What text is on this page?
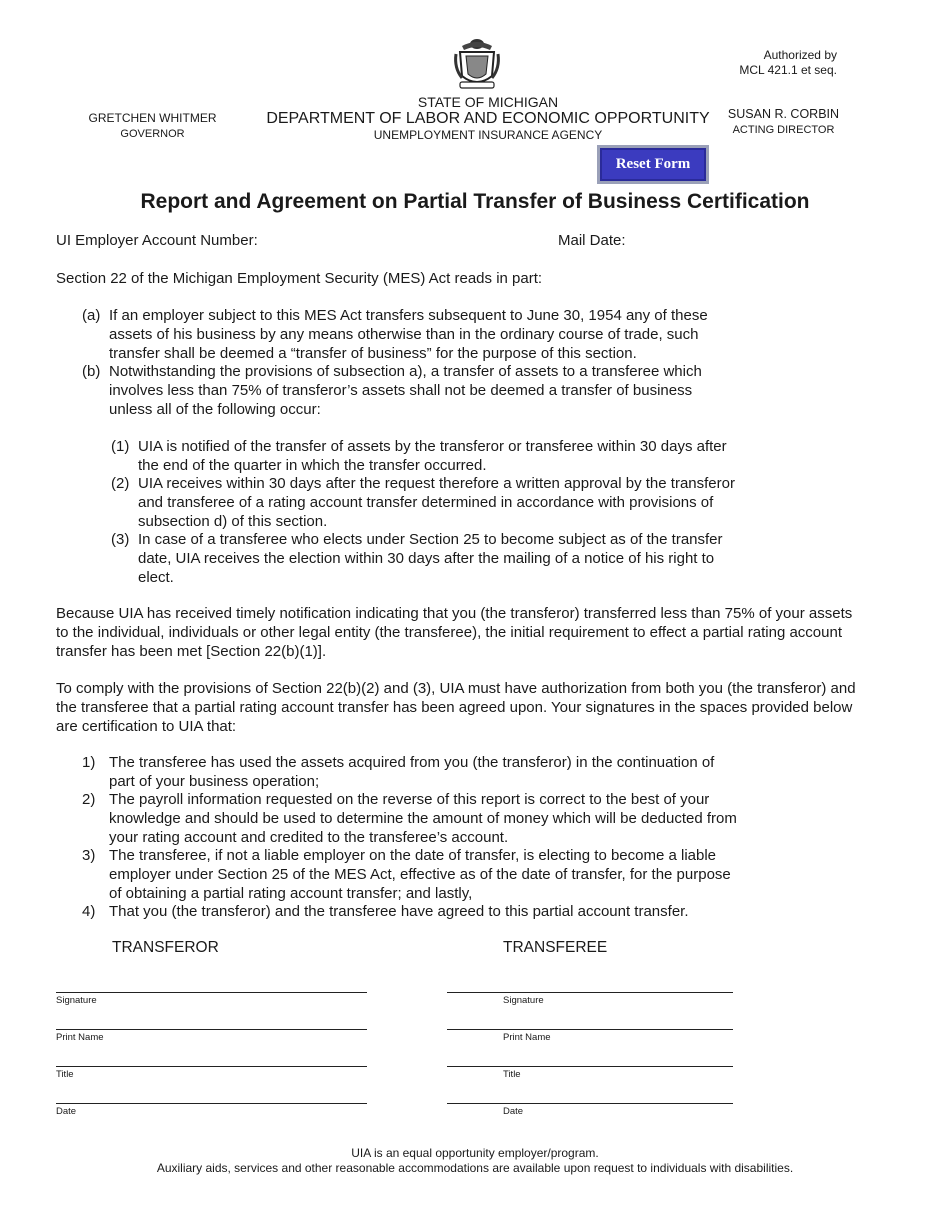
Authorized by
MCL 421.1 et seq.
GRETCHEN WHITMER
GOVERNOR
STATE OF MICHIGAN
DEPARTMENT OF LABOR AND ECONOMIC OPPORTUNITY
UNEMPLOYMENT INSURANCE AGENCY
SUSAN R. CORBIN
ACTING DIRECTOR
Reset Form
Report and Agreement on Partial Transfer of Business Certification
UI Employer Account Number:	Mail Date:
Section 22 of the Michigan Employment Security (MES) Act reads in part:
(a) If an employer subject to this MES Act transfers subsequent to June 30, 1954 any of these
assets of his business by any means otherwise than in the ordinary course of trade, such
transfer shall be deemed a “transfer of business” for the purpose of this section.
(b) Notwithstanding the provisions of subsection a), a transfer of assets to a transferee which
involves less than 75% of transferor’s assets shall not be deemed a transfer of business
unless all of the following occur:
(1) UIA is notified of the transfer of assets by the transferor or transferee within 30 days after
the end of the quarter in which the transfer occurred.
(2) UIA receives within 30 days after the request therefore a written approval by the transferor
and transferee of a rating account transfer determined in accordance with provisions of
subsection d) of this section.
(3) In case of a transferee who elects under Section 25 to become subject as of the transfer
date, UIA receives the election within 30 days after the mailing of a notice of his right to
elect.
Because UIA has received timely notification indicating that you (the transferor) transferred less than 75% of your assets
to the individual, individuals or other legal entity (the transferee), the initial requirement to effect a partial rating account
transfer has been met [Section 22(b)(1)].
To comply with the provisions of Section 22(b)(2) and (3), UIA must have authorization from both you (the transferor) and
the transferee that a partial rating account transfer has been agreed upon. Your signatures in the spaces provided below
are certification to UIA that:
1) The transferee has used the assets acquired from you (the transferor) in the continuation of
part of your business operation;
2) The payroll information requested on the reverse of this report is correct to the best of your
knowledge and should be used to determine the amount of money which will be deducted from
your rating account and credited to the transferee’s account.
3) The transferee, if not a liable employer on the date of transfer, is electing to become a liable
employer under Section 25 of the MES Act, effective as of the date of transfer, for the purpose
of obtaining a partial rating account transfer; and lastly,
4) That you (the transferor) and the transferee have agreed to this partial account transfer.
TRANSFEROR	TRANSFEREE
Signature
Print Name
Title
Date
Signature
Print Name
Title
Date
UIA is an equal opportunity employer/program.
Auxiliary aids, services and other reasonable accommodations are available upon request to individuals with disabilities.
